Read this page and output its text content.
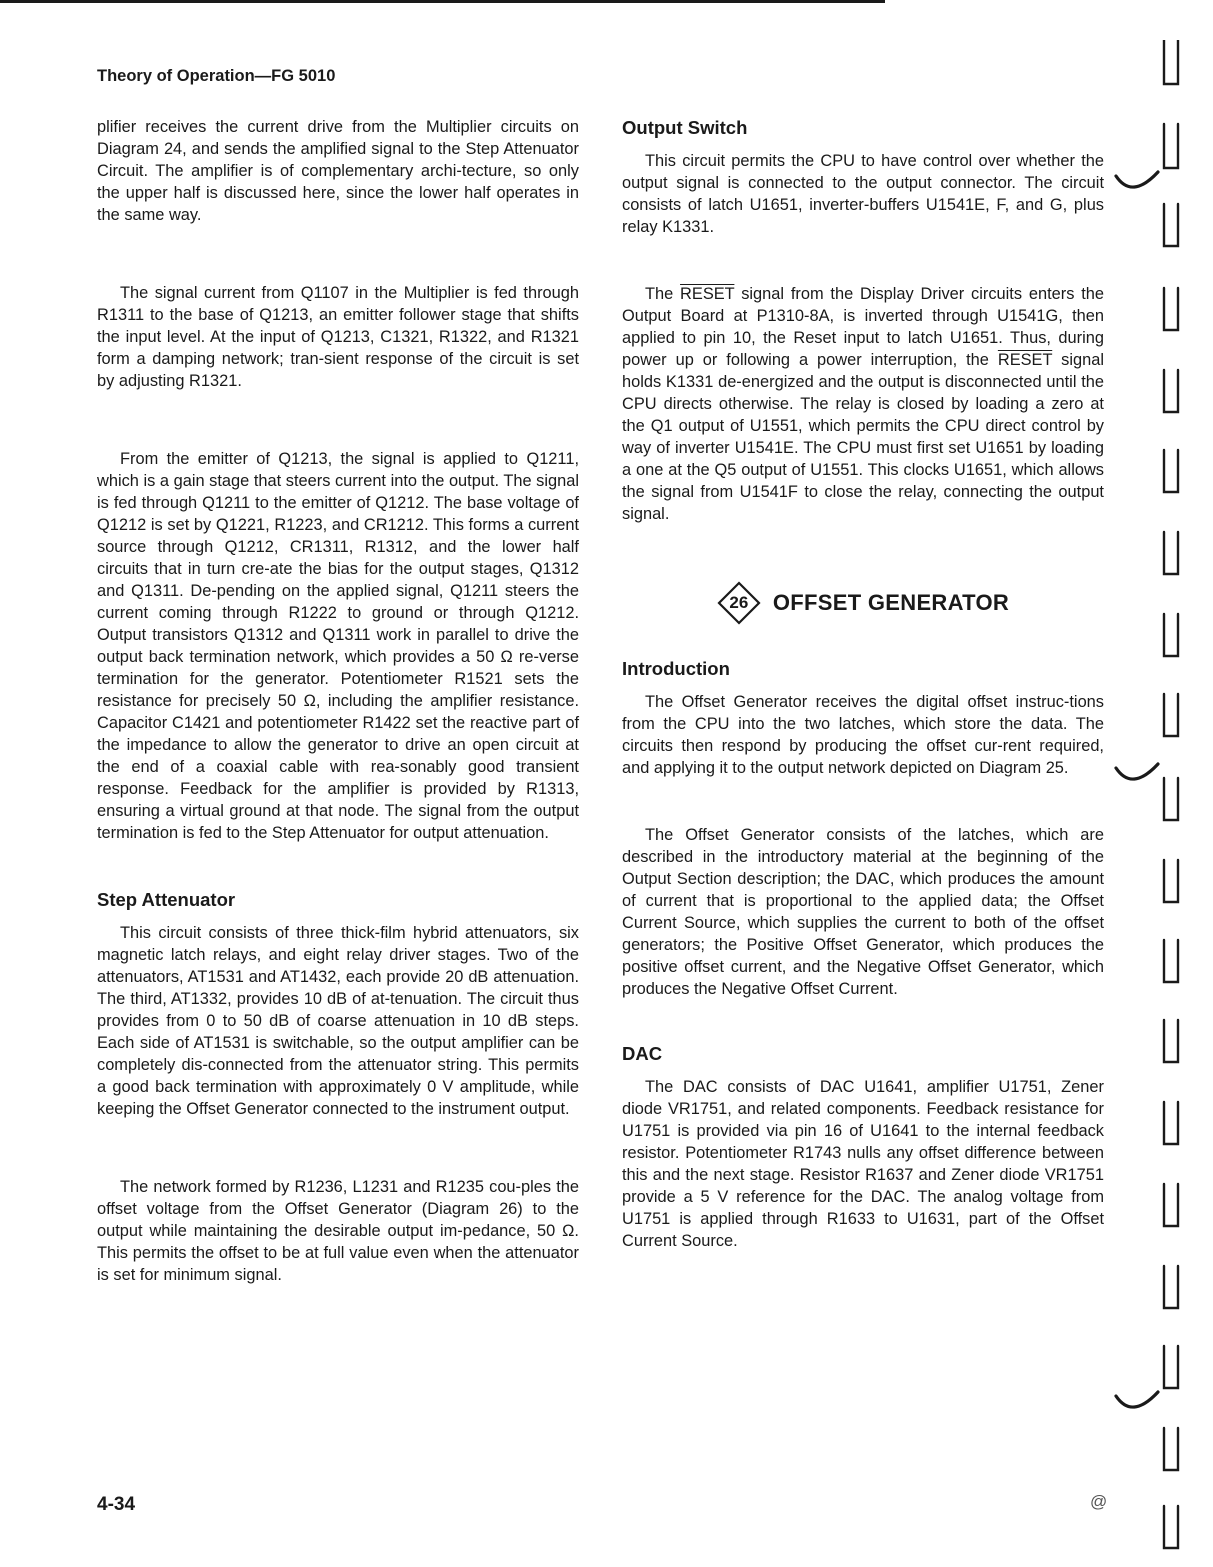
Theory of Operation—FG 5010

plifier receives the current drive from the Multiplier circuits on Diagram 24, and sends the amplified signal to the Step Attenuator Circuit. The amplifier is of complementary archi-tecture, so only the upper half is discussed here, since the lower half operates in the same way.

The signal current from Q1107 in the Multiplier is fed through R1311 to the base of Q1213, an emitter follower stage that shifts the input level. At the input of Q1213, C1321, R1322, and R1321 form a damping network; tran-sient response of the circuit is set by adjusting R1321.

From the emitter of Q1213, the signal is applied to Q1211, which is a gain stage that steers current into the output. The signal is fed through Q1211 to the emitter of Q1212. The base voltage of Q1212 is set by Q1221, R1223, and CR1212. This forms a current source through Q1212, CR1311, R1312, and the lower half circuits that in turn cre-ate the bias for the output stages, Q1312 and Q1311. De-pending on the applied signal, Q1211 steers the current coming through R1222 to ground or through Q1212. Output transistors Q1312 and Q1311 work in parallel to drive the output back termination network, which provides a 50 Ω re-verse termination for the generator. Potentiometer R1521 sets the resistance for precisely 50 Ω, including the amplifier resistance. Capacitor C1421 and potentiometer R1422 set the reactive part of the impedance to allow the generator to drive an open circuit at the end of a coaxial cable with rea-sonably good transient response. Feedback for the amplifier is provided by R1313, ensuring a virtual ground at that node. The signal from the output termination is fed to the Step Attenuator for output attenuation.

Step Attenuator

This circuit consists of three thick-film hybrid attenuators, six magnetic latch relays, and eight relay driver stages. Two of the attenuators, AT1531 and AT1432, each provide 20 dB attenuation. The third, AT1332, provides 10 dB of at-tenuation. The circuit thus provides from 0 to 50 dB of coarse attenuation in 10 dB steps. Each side of AT1531 is switchable, so the output amplifier can be completely dis-connected from the attenuator string. This permits a good back termination with approximately 0 V amplitude, while keeping the Offset Generator connected to the instrument output.

The network formed by R1236, L1231 and R1235 cou-ples the offset voltage from the Offset Generator (Diagram 26) to the output while maintaining the desirable output im-pedance, 50 Ω. This permits the offset to be at full value even when the attenuator is set for minimum signal.

Output Switch

This circuit permits the CPU to have control over whether the output signal is connected to the output connector. The circuit consists of latch U1651, inverter-buffers U1541E, F, and G, plus relay K1331.

The RESET signal from the Display Driver circuits enters the Output Board at P1310-8A, is inverted through U1541G, then applied to pin 10, the Reset input to latch U1651. Thus, during power up or following a power interruption, the RESET signal holds K1331 de-energized and the output is disconnected until the CPU directs otherwise. The relay is closed by loading a zero at the Q1 output of U1551, which permits the CPU direct control by way of inverter U1541E. The CPU must first set U1651 by loading a one at the Q5 output of U1551. This clocks U1651, which allows the signal from U1541F to close the relay, connecting the output signal.

26	OFFSET GENERATOR
Introduction

The Offset Generator receives the digital offset instruc-tions from the CPU into the two latches, which store the data. The circuits then respond by producing the offset cur-rent required, and applying it to the output network depicted on Diagram 25.

The Offset Generator consists of the latches, which are described in the introductory material at the beginning of the Output Section description; the DAC, which produces the amount of current that is proportional to the applied data; the Offset Current Source, which supplies the current to both of the offset generators; the Positive Offset Generator, which produces the positive offset current, and the Negative Offset Generator, which produces the Negative Offset Current.

DAC

The DAC consists of DAC U1641, amplifier U1751, Zener diode VR1751, and related components. Feedback resistance for U1751 is provided via pin 16 of U1641 to the internal feedback resistor. Potentiometer R1743 nulls any offset difference between this and the next stage. Resistor R1637 and Zener diode VR1751 provide a 5 V reference for the DAC. The analog voltage from U1751 is applied through R1633 to U1631, part of the Offset Current Source.

4-34	@
